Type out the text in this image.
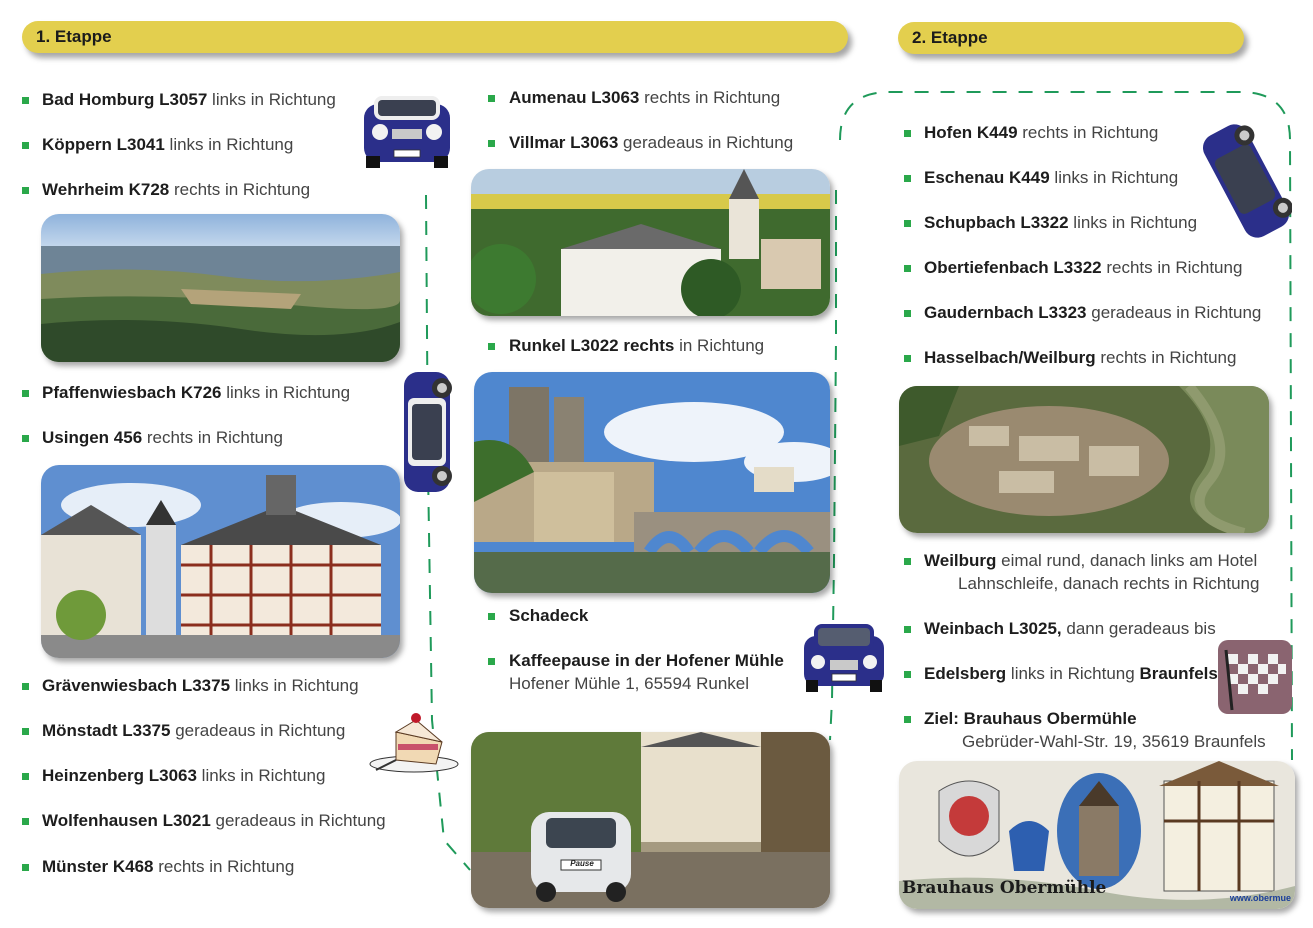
1. Etappe	2. Etappe
Bad Homburg L3057 links in Richtung
Köppern L3041 links in Richtung
Wehrheim K728 rechts in Richtung
Pfaffenwiesbach K726 links in Richtung
Usingen 456 rechts in Richtung
Grävenwiesbach L3375 links in Richtung
Mönstadt L3375 geradeaus in Richtung
Heinzenberg L3063 links in Richtung
Wolfenhausen L3021 geradeaus in Richtung
Münster K468 rechts in Richtung
Aumenau L3063 rechts in Richtung
Villmar L3063 geradeaus in Richtung
Runkel L3022 rechts in Richtung
Schadeck
Kaffeepause in der Hofener Mühle
Hofener Mühle 1, 65594 Runkel
Hofen K449 rechts in Richtung
Eschenau K449 links in Richtung
Schupbach L3322 links in Richtung
Obertiefenbach L3322 rechts in Richtung
Gaudernbach L3323 geradeaus in Richtung
Hasselbach/Weilburg rechts in Richtung
Weilburg eimal rund, danach links am Hotel
Lahnschleife, danach rechts in Richtung
Weinbach L3025, dann geradeaus bis
Edelsberg links in Richtung Braunfels
Ziel: Brauhaus Obermühle
Gebrüder-Wahl-Str. 19, 35619 Braunfels
Pause
Brauhaus Obermühle	www.obermue
